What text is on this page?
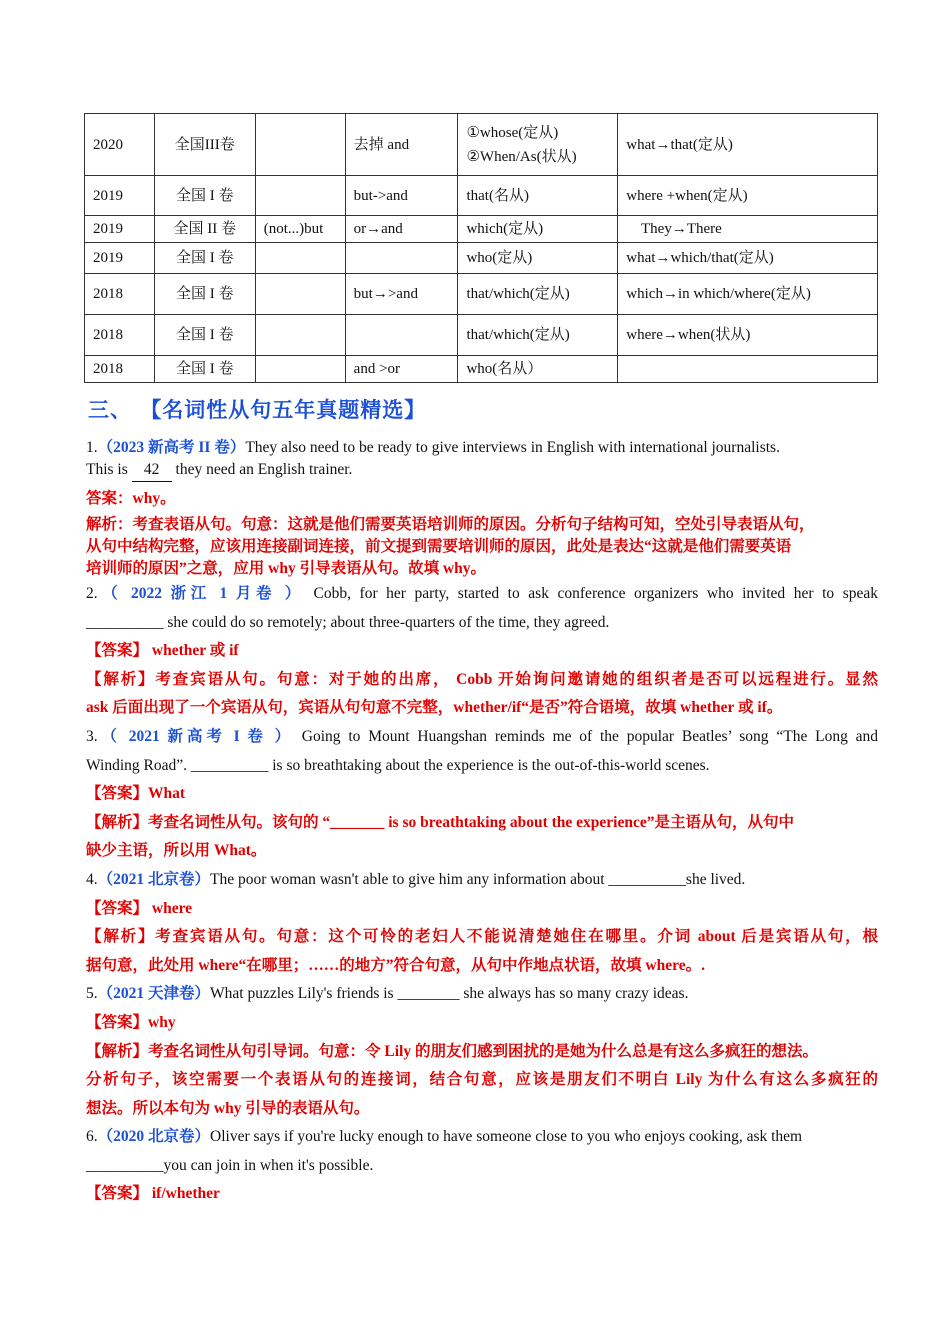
2020	全国III卷		去掉 and	①whose(定从)
②When/As(状从)	what→that(定从)
2019	全国 I 卷		but->and	that(名从)	where +when(定从)
2019	全国 II 卷	(not...)but	or→and	which(定从)	They→There
2019	全国 I 卷			who(定从)	what→which/that(定从)
2018	全国 I 卷		but→>and	that/which(定从)	which→in which/where(定从)
2018	全国 I 卷			that/which(定从)	where→when(状从)
2018	全国 I 卷		and >or	who(名从）	
三、 【名词性从句五年真题精选】
1.（2023 新高考 II 卷）They also need to be ready to give interviews in English with international journalists.
This is 42 they need an English trainer.
答案：why。
解析：考查表语从句。句意：这就是他们需要英语培训师的原因。分析句子结构可知，空处引导表语从句，
从句中结构完整，应该用连接副词连接，前文提到需要培训师的原因，此处是表达“这就是他们需要英语
培训师的原因”之意，应用 why 引导表语从句。故填 why。
2.（ 2022 浙江 1 月卷 ） Cobb, for her party, started to ask conference organizers who invited her to speak
__________ she could do so remotely; about three-quarters of the time, they agreed.
【答案】 whether 或 if
【解析】考查宾语从句。句意：对于她的出席， Cobb 开始询问邀请她的组织者是否可以远程进行。显然
ask 后面出现了一个宾语从句，宾语从句句意不完整，whether/if“是否”符合语境，故填 whether 或 if。
3.（ 2021 新高考 I 卷 ） Going to Mount Huangshan reminds me of the popular Beatles’ song “The Long and
Winding Road”. __________ is so breathtaking about the experience is the out-of-this-world scenes.
【答案】What
【解析】考查名词性从句。该句的 “_______ is so breathtaking about the experience”是主语从句，从句中
缺少主语，所以用 What。
4.（2021 北京卷）The poor woman wasn't able to give him any information about __________she lived.
【答案】 where
【解析】考查宾语从句。句意：这个可怜的老妇人不能说清楚她住在哪里。介词 about 后是宾语从句，根
据句意，此处用 where“在哪里；……的地方”符合句意，从句中作地点状语，故填 where。.
5.（2021 天津卷）What puzzles Lily's friends is ________ she always has so many crazy ideas.
【答案】why
【解析】考查名词性从句引导词。句意：令 Lily 的朋友们感到困扰的是她为什么总是有这么多疯狂的想法。
分析句子，该空需要一个表语从句的连接词，结合句意，应该是朋友们不明白 Lily 为什么有这么多疯狂的
想法。所以本句为 why 引导的表语从句。
6.（2020 北京卷）Oliver says if you're lucky enough to have someone close to you who enjoys cooking, ask them
__________you can join in when it's possible.
【答案】 if/whether
